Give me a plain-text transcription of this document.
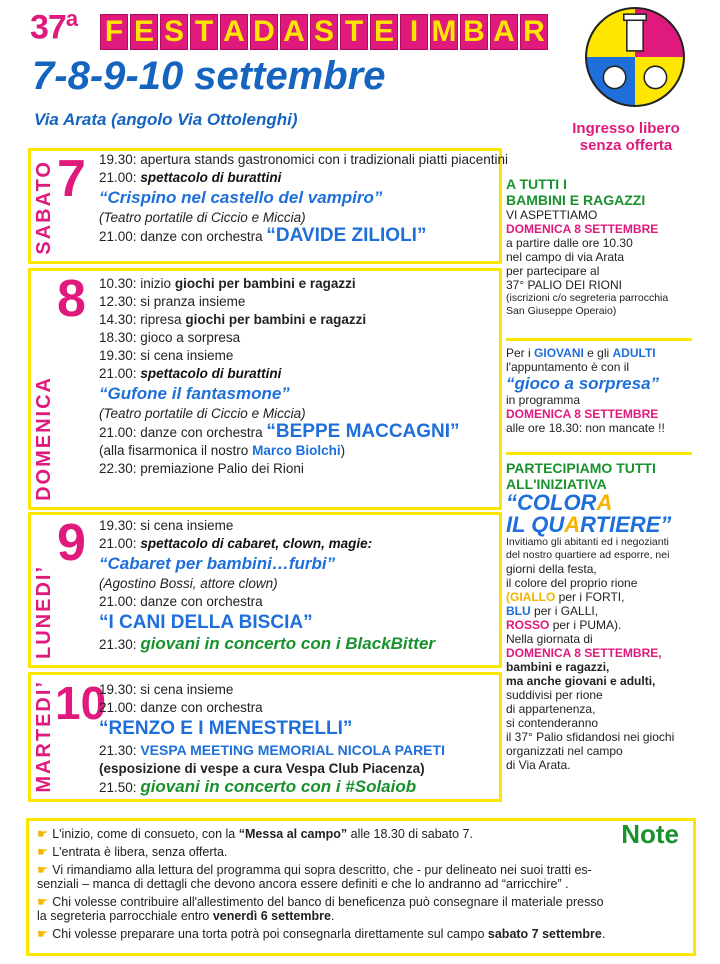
37$^a$ F E S T A D A S T E I M B A R
7-8-9-10 settembre
Via Arata (angolo Via Ottolenghi)	Ingresso libero
senza offerta
SABATO 7 19.30: apertura stands gastronomici con i tradizionali piatti piacentini
21.00: spettacolo di burattini
“Crispino nel castello del vampiro”
(Teatro portatile di Ciccio e Miccia)
21.00: danze con orchestra “DAVIDE ZILIOLI”
DOMENICA
8 10.30: inizio giochi per bambini e ragazzi
12.30: si pranza insieme
14.30: ripresa giochi per bambini e ragazzi
18.30: gioco a sorpresa
19.30: si cena insieme
21.00: spettacolo di burattini
“Gufone il fantasmone”
(Teatro portatile di Ciccio e Miccia)
21.00: danze con orchestra “BEPPE MACCAGNI”
(alla fisarmonica il nostro Marco Biolchi)
22.30: premiazione Palio dei Rioni
LUNEDI’
9 19.30: si cena insieme
21.00: spettacolo di cabaret, clown, magie:
“Cabaret per bambini…furbi”
(Agostino Bossi, attore clown)
21.00: danze con orchestra
“I CANI DELLA BISCIA”
21.30: giovani in concerto con i BlackBitter
MARTEDI’ 10
19.30: si cena insieme
21.00: danze con orchestra
“RENZO E I MENESTRELLI”
21.30: VESPA MEETING MEMORIAL NICOLA PARETI
(esposizione di vespe a cura Vespa Club Piacenza)
21.50: giovani in concerto con i #Solaiob
A TUTTI I
BAMBINI E RAGAZZI
VI ASPETTIAMO
DOMENICA 8 SETTEMBRE
a partire dalle ore 10.30
nel campo di via Arata
per partecipare al
37° PALIO DEI RIONI
(iscrizioni c/o segreteria parrocchia
San Giuseppe Operaio)
Per i GIOVANI e gli ADULTI
l'appuntamento è con il
“gioco a sorpresa”
in programma
DOMENICA 8 SETTEMBRE
alle ore 18.30: non mancate !!
PARTECIPIAMO TUTTI
ALL'INIZIATIVA
“COLORA
IL QUARTIERE”
Invitiamo gli abitanti ed i negozianti
del nostro quartiere ad esporre, nei
giorni della festa,
il colore del proprio rione
(GIALLO per i FORTI,
BLU per i GALLI,
ROSSO per i PUMA).
Nella giornata di
DOMENICA 8 SETTEMBRE,
bambini e ragazzi,
ma anche giovani e adulti,
suddivisi per rione
di appartenenza,
si contenderanno
il 37° Palio sfidandosi nei giochi
organizzati nel campo
di Via Arata.
Note
☛ L'inizio, come di consueto, con la “Messa al campo” alle 18.30 di sabato 7.
☛ L'entrata è libera, senza offerta.
☛ Vi rimandiamo alla lettura del programma qui sopra descritto, che - pur delineato nei suoi tratti es-
senziali – manca di dettagli che devono ancora essere definiti e che lo andranno ad “arricchire” .
☛ Chi volesse contribuire all'allestimento del banco di beneficenza può consegnare il materiale presso
la segreteria parrocchiale entro venerdì 6 settembre.
☛ Chi volesse preparare una torta potrà poi consegnarla direttamente sul campo sabato 7 settembre.
